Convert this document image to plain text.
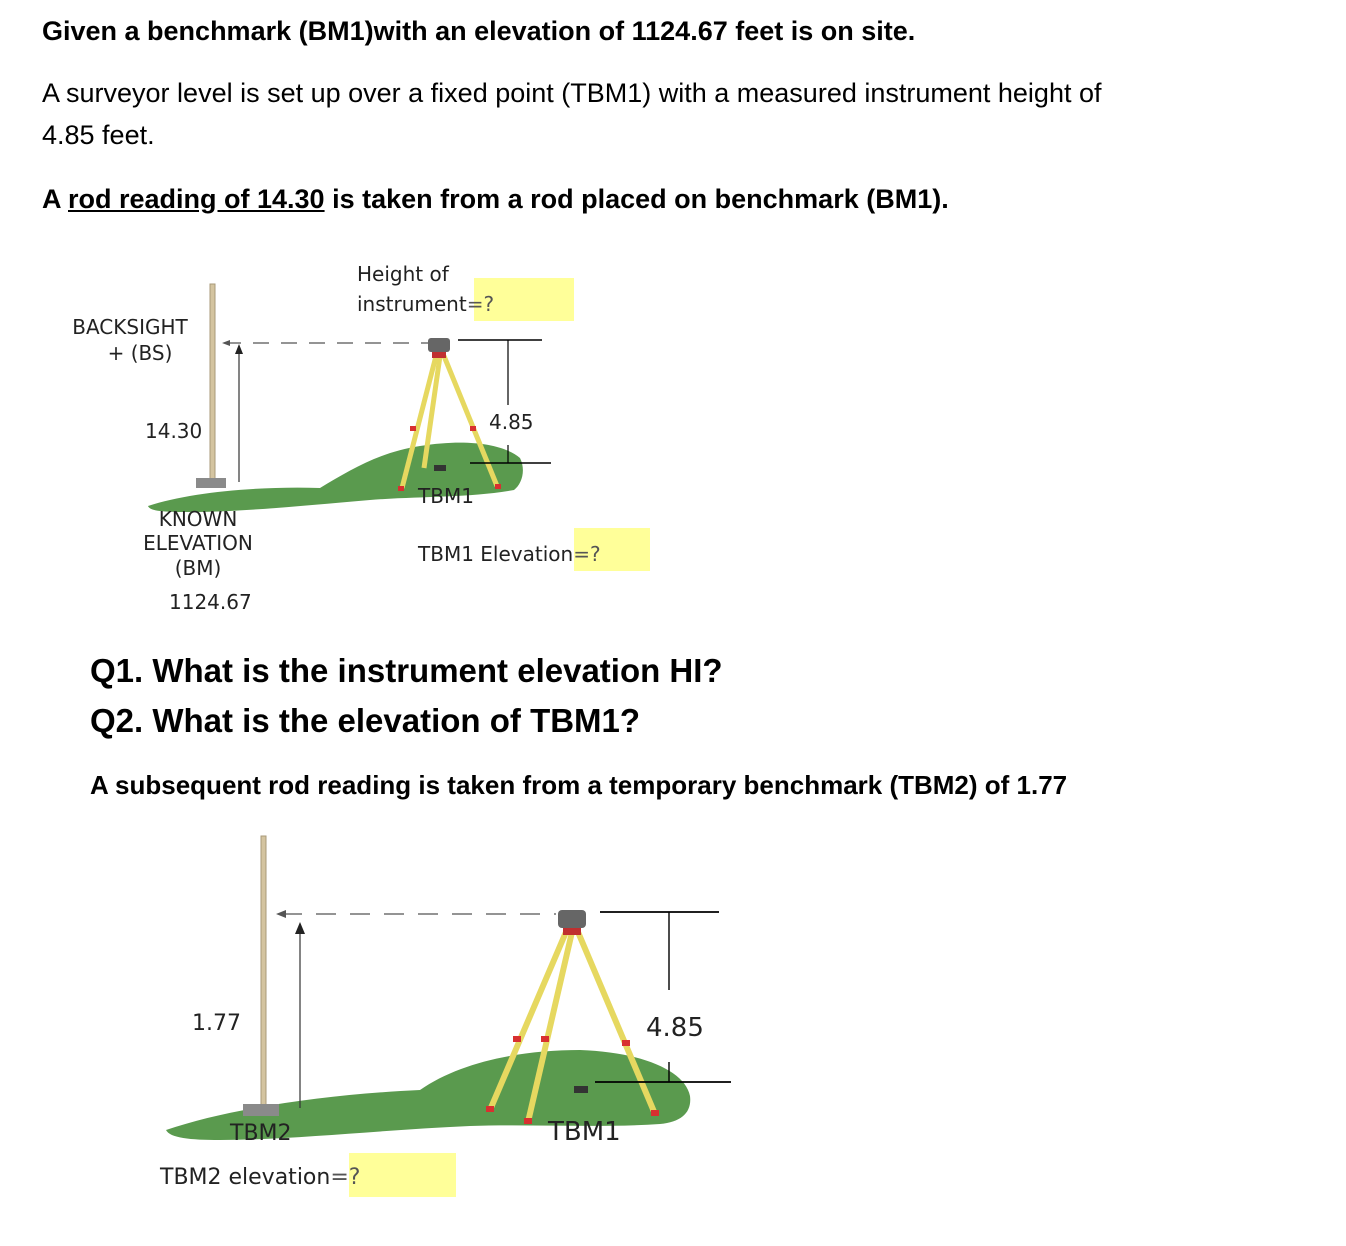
Given a benchmark (BM1)with an elevation of 1124.67 feet is on site.

A surveyor level is set up over a fixed point (TBM1) with a measured instrument height of

4.85 feet.

A rod reading of 14.30 is taken from a rod placed on benchmark (BM1).

Height of
instrument=?
BACKSIGHT
+ (BS)
14.30	4.85
TBM1
KNOWN
ELEVATION
(BM)
1124.67
TBM1 Elevation=?

Q1. What is the instrument elevation HI?

Q2. What is the elevation of TBM1?

A subsequent rod reading is taken from a temporary benchmark (TBM2) of 1.77

1.77	4.85
TBM2	TBM1
TBM2 elevation=?
